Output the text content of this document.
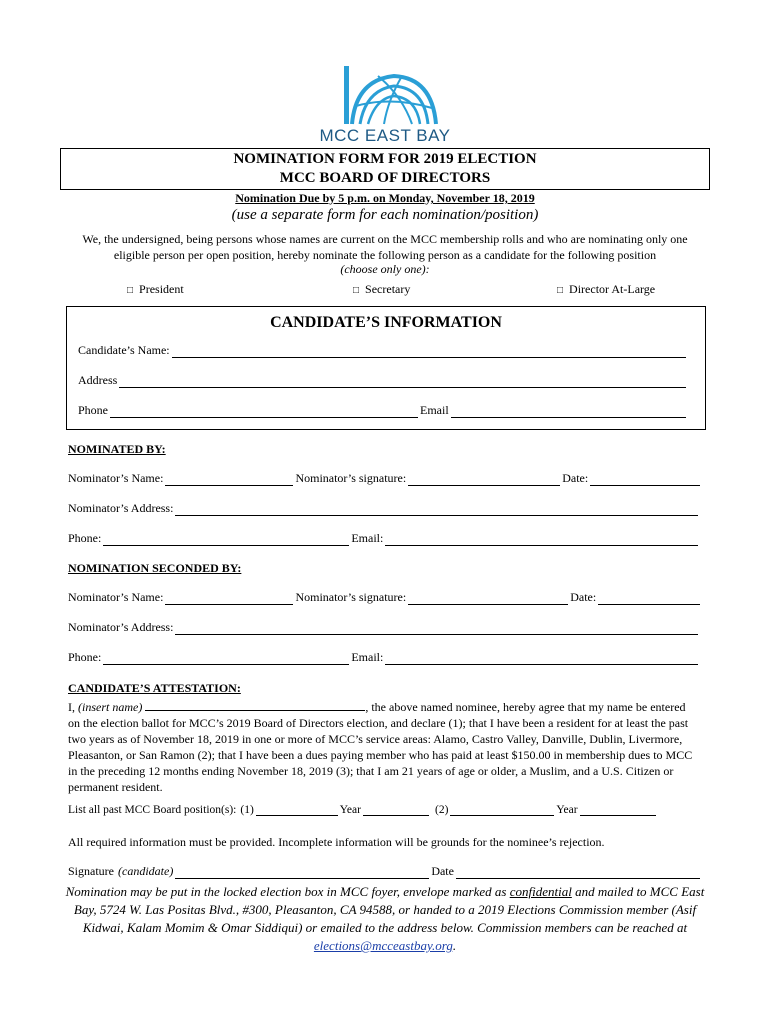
MCC EAST BAY
NOMINATION FORM FOR 2019 ELECTION
MCC BOARD OF DIRECTORS
Nomination Due by 5 p.m. on Monday, November 18, 2019
(use a separate form for each nomination/position)
We, the undersigned, being persons whose names are current on the MCC membership rolls and who are nominating only one eligible person per open position, hereby nominate the following person as a candidate for the following position
(choose only one):
□ President	□ Secretary	□ Director At-Large
CANDIDATE’S INFORMATION
Candidate’s Name:
Address
Phone	Email
NOMINATED BY:
Nominator’s Name:	Nominator’s signature:	Date:
Nominator’s Address:
Phone:	Email:
NOMINATION SECONDED BY:
Nominator’s Name:	Nominator’s signature:	Date:
Nominator’s Address:
Phone:	Email:
CANDIDATE’S ATTESTATION:
I, (insert name)	, the above named nominee, hereby agree that my name be entered on the election ballot for MCC’s 2019 Board of Directors election, and declare (1); that I have been a resident for at least the past two years as of November 18, 2019 in one or more of MCC’s service areas: Alamo, Castro Valley, Danville, Dublin, Livermore, Pleasanton, or San Ramon (2); that I have been a dues paying member who has paid at least $150.00 in membership dues to MCC in the preceding 12 months ending November 18, 2019 (3); that I am 21 years of age or older, a Muslim, and a U.S. Citizen or permanent resident.
List all past MCC Board position(s): (1)	Year	(2)	Year
All required information must be provided. Incomplete information will be grounds for the nominee’s rejection.
Signature (candidate)	Date
Nomination may be put in the locked election box in MCC foyer, envelope marked as confidential and mailed to MCC East Bay, 5724 W. Las Positas Blvd., #300, Pleasanton, CA 94588, or handed to a 2019 Elections Commission member (Asif Kidwai, Kalam Momim & Omar Siddiqui) or emailed to the address below. Commission members can be reached at elections@mcceastbay.org.
